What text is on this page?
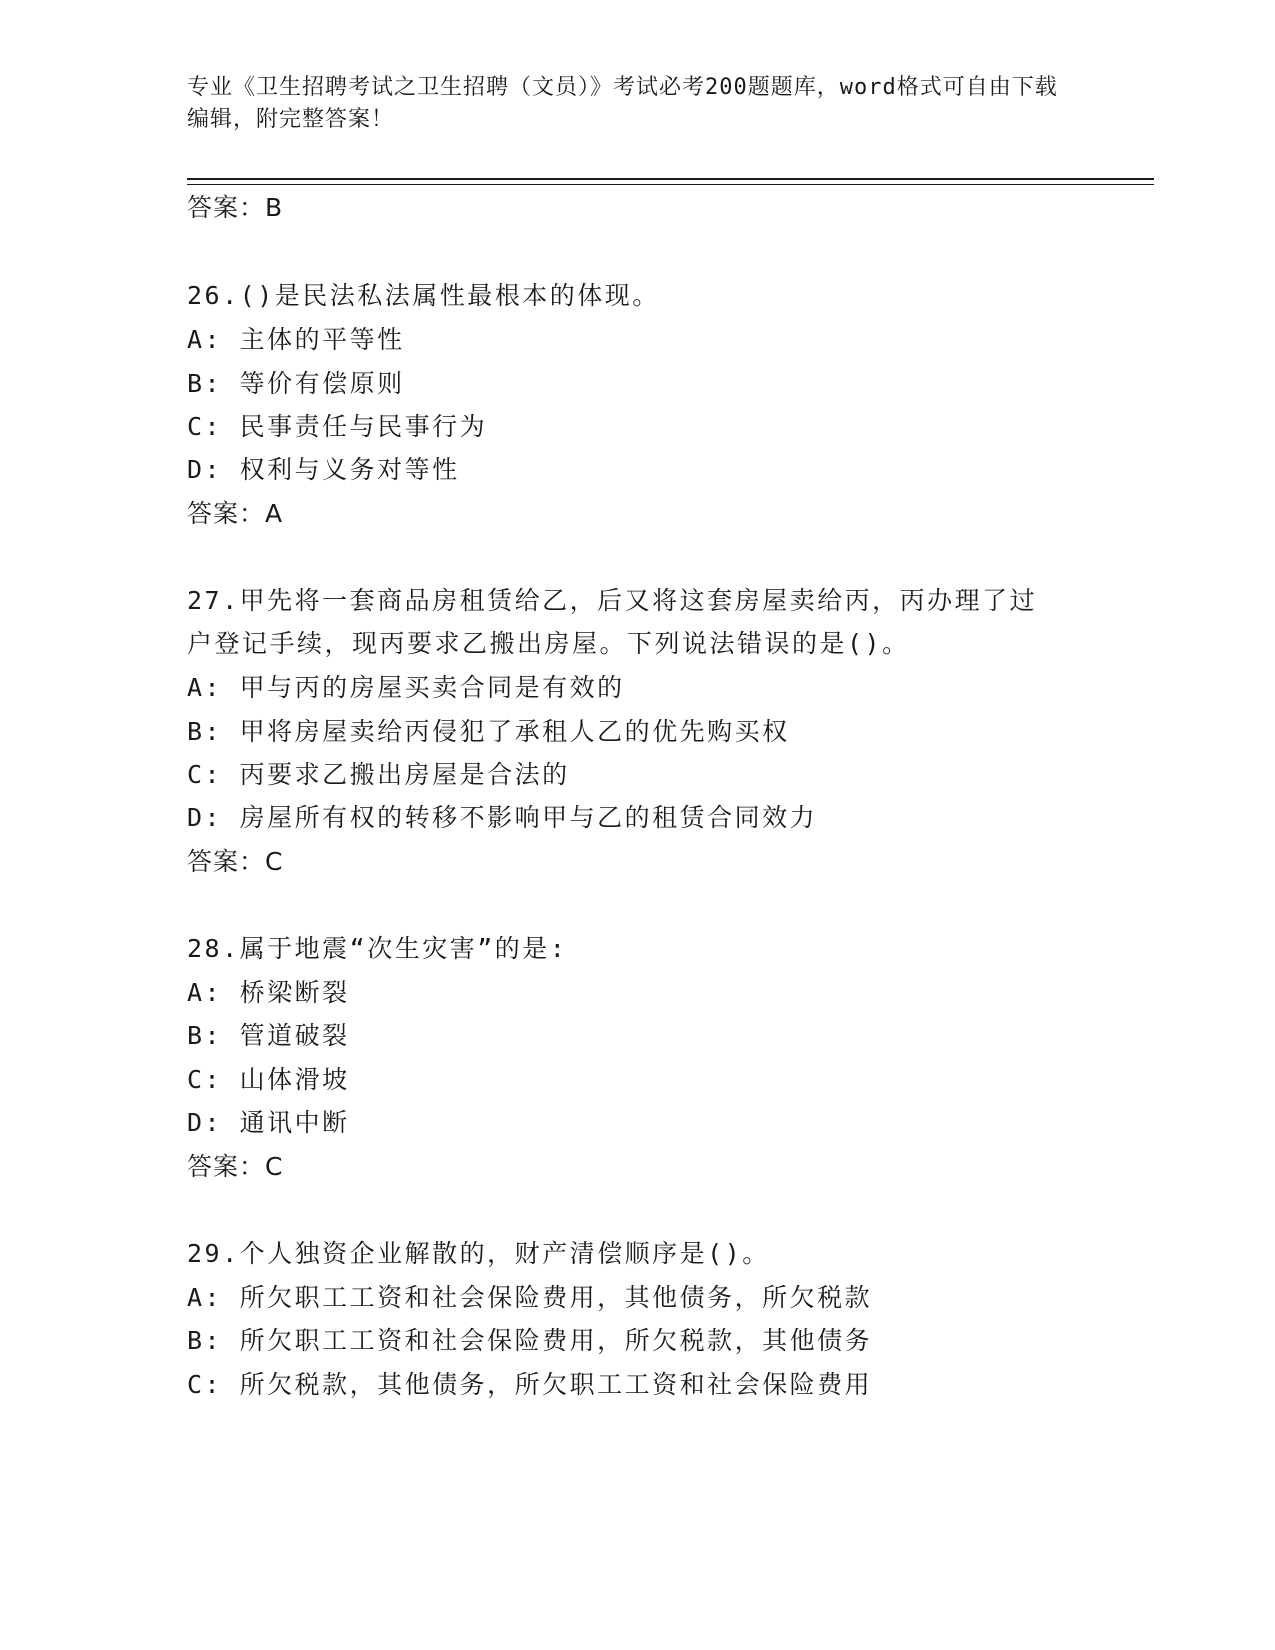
专业《卫生招聘考试之卫生招聘（文员）》考试必考200题题库，word格式可自由下载编辑，附完整答案！
答案：B
26.()是民法私法属性最根本的体现。
A: 主体的平等性
B: 等价有偿原则
C: 民事责任与民事行为
D: 权利与义务对等性
答案：A
27.甲先将一套商品房租赁给乙，后又将这套房屋卖给丙，丙办理了过
户登记手续，现丙要求乙搬出房屋。下列说法错误的是()。
A: 甲与丙的房屋买卖合同是有效的
B: 甲将房屋卖给丙侵犯了承租人乙的优先购买权
C: 丙要求乙搬出房屋是合法的
D: 房屋所有权的转移不影响甲与乙的租赁合同效力
答案：C
28.属于地震“次生灾害”的是:
A: 桥梁断裂
B: 管道破裂
C: 山体滑坡
D: 通讯中断
答案：C
29.个人独资企业解散的，财产清偿顺序是()。
A: 所欠职工工资和社会保险费用，其他债务，所欠税款
B: 所欠职工工资和社会保险费用，所欠税款，其他债务
C: 所欠税款，其他债务，所欠职工工资和社会保险费用
